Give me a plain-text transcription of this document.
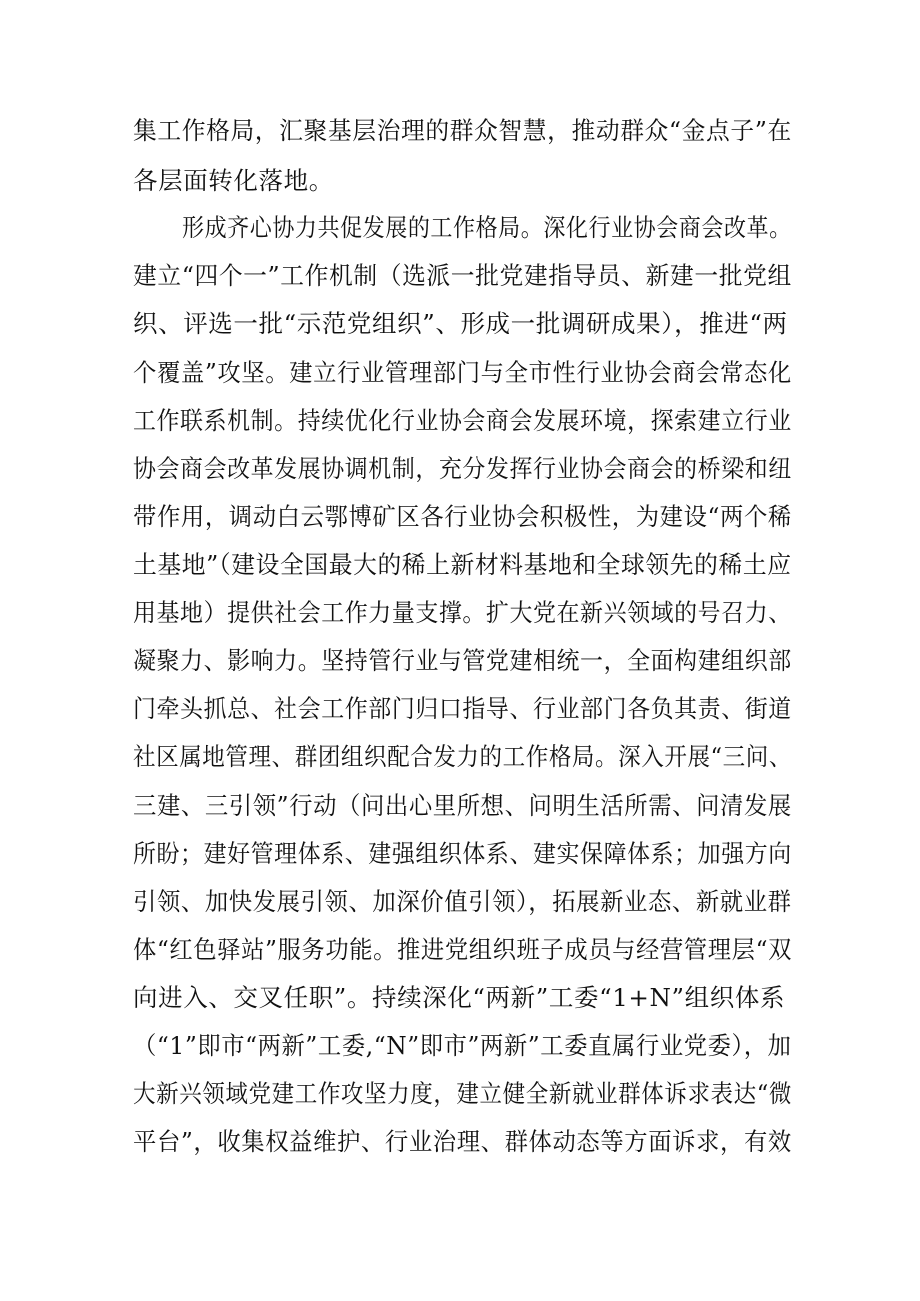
集工作格局，汇聚基层治理的群众智慧，推动群众“金点子”在

各层面转化落地。

形成齐心协力共促发展的工作格局。深化行业协会商会改革。

建立“四个一”工作机制（选派一批党建指导员、新建一批党组

织、评选一批“示范党组织”、形成一批调研成果），推进“两

个覆盖”攻坚。建立行业管理部门与全市性行业协会商会常态化

工作联系机制。持续优化行业协会商会发展环境，探索建立行业

协会商会改革发展协调机制，充分发挥行业协会商会的桥梁和纽

带作用，调动白云鄂博矿区各行业协会积极性，为建设“两个稀

土基地”（建设全国最大的稀上新材料基地和全球领先的稀土应

用基地）提供社会工作力量支撑。扩大党在新兴领域的号召力、

凝聚力、影响力。坚持管行业与管党建相统一，全面构建组织部

门牵头抓总、社会工作部门归口指导、行业部门各负其责、街道

社区属地管理、群团组织配合发力的工作格局。深入开展“三问、

三建、三引领”行动（问出心里所想、问明生活所需、问清发展

所盼；建好管理体系、建强组织体系、建实保障体系；加强方向

引领、加快发展引领、加深价值引领），拓展新业态、新就业群

体“红色驿站”服务功能。推进党组织班子成员与经营管理层“双

向进入、交叉任职”。持续深化“两新”工委“1+N”组织体系

（“1”即市“两新”工委,“N”即市”两新”工委直属行业党委），加

大新兴领域党建工作攻坚力度，建立健全新就业群体诉求表达“微

平台”，收集权益维护、行业治理、群体动态等方面诉求，有效
